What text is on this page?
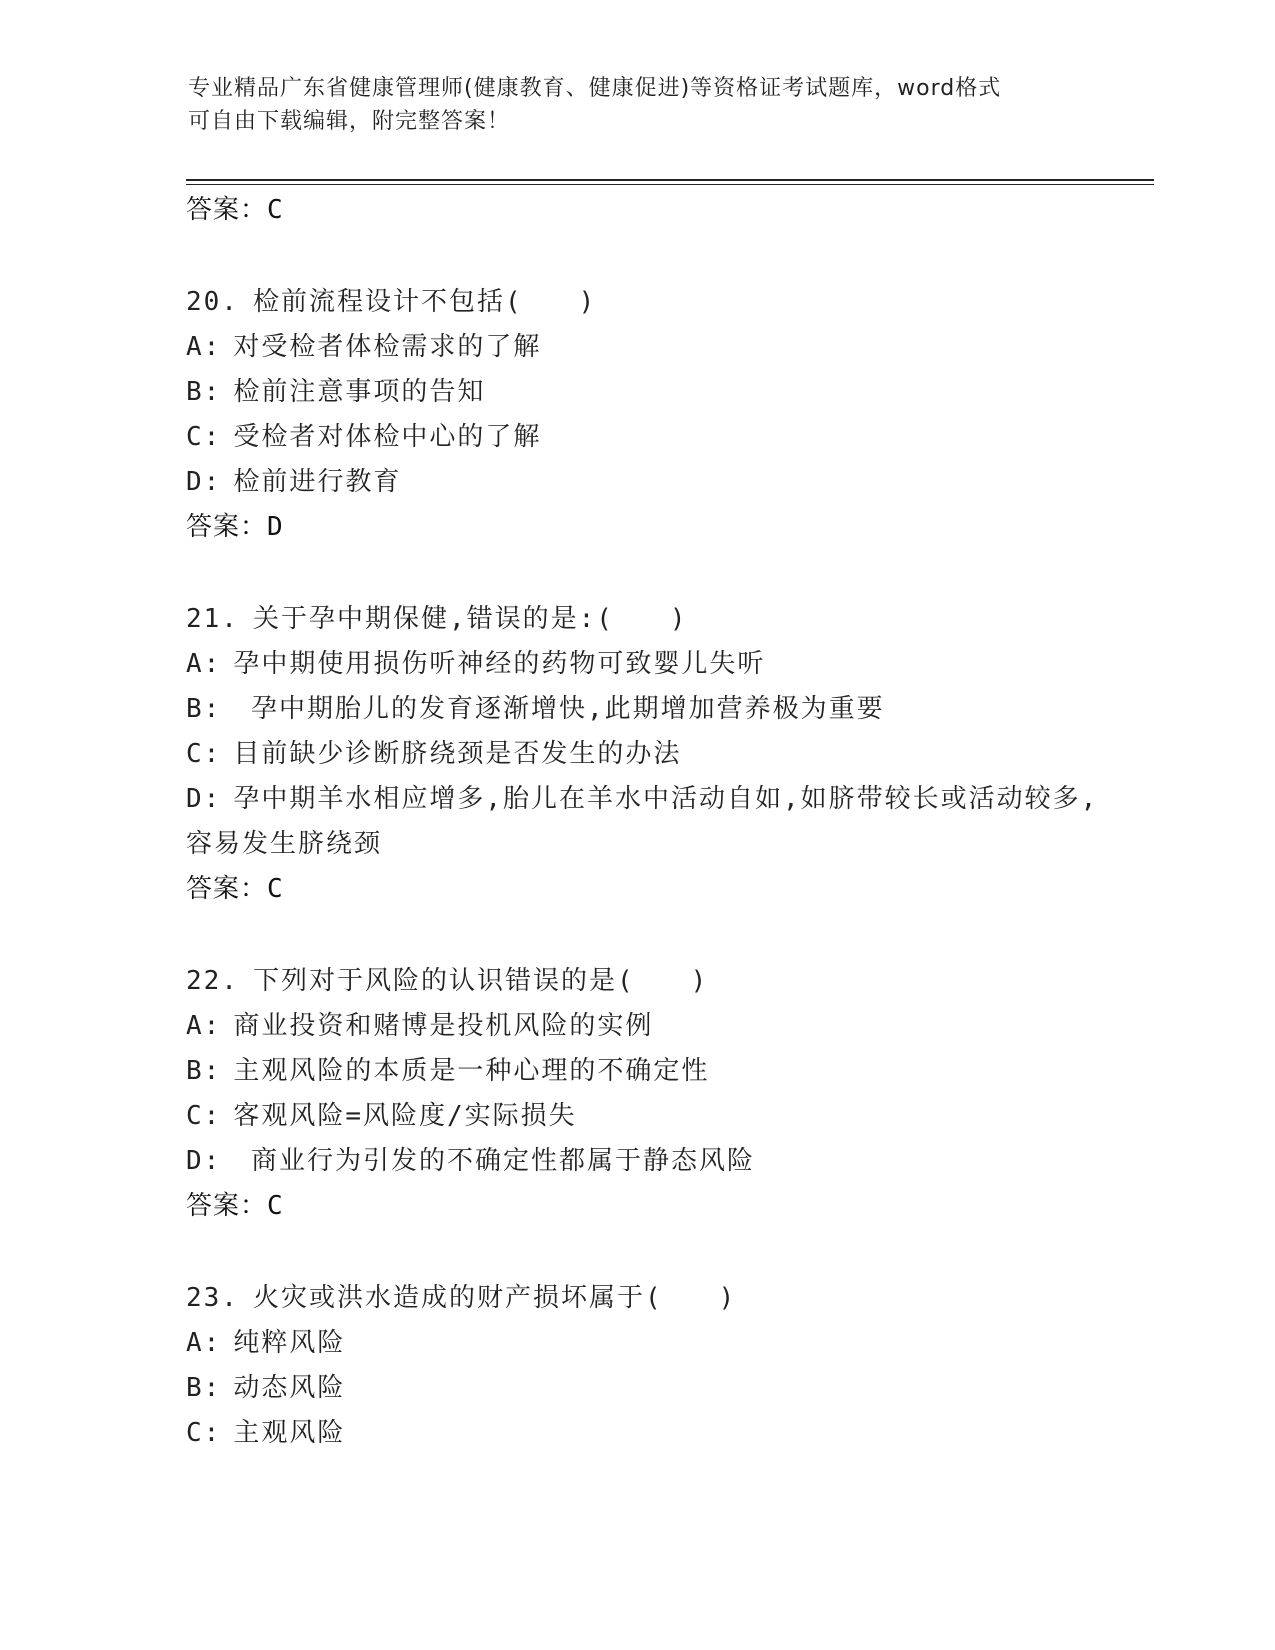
专业精品广东省健康管理师(健康教育、健康促进)等资格证考试题库，word格式
可自由下载编辑，附完整答案！
答案：C
20. 检前流程设计不包括(　　)
A: 对受检者体检需求的了解
B: 检前注意事项的告知
C: 受检者对体检中心的了解
D: 检前进行教育
答案：D
21. 关于孕中期保健,错误的是:(　　)
A: 孕中期使用损伤听神经的药物可致婴儿失听
B: 孕中期胎儿的发育逐渐增快,此期增加营养极为重要
C: 目前缺少诊断脐绕颈是否发生的办法
D: 孕中期羊水相应增多,胎儿在羊水中活动自如,如脐带较长或活动较多,容易发生脐绕颈
答案：C
22. 下列对于风险的认识错误的是(　　)
A: 商业投资和赌博是投机风险的实例
B: 主观风险的本质是一种心理的不确定性
C: 客观风险=风险度/实际损失
D: 商业行为引发的不确定性都属于静态风险
答案：C
23. 火灾或洪水造成的财产损坏属于(　　)
A: 纯粹风险
B: 动态风险
C: 主观风险
